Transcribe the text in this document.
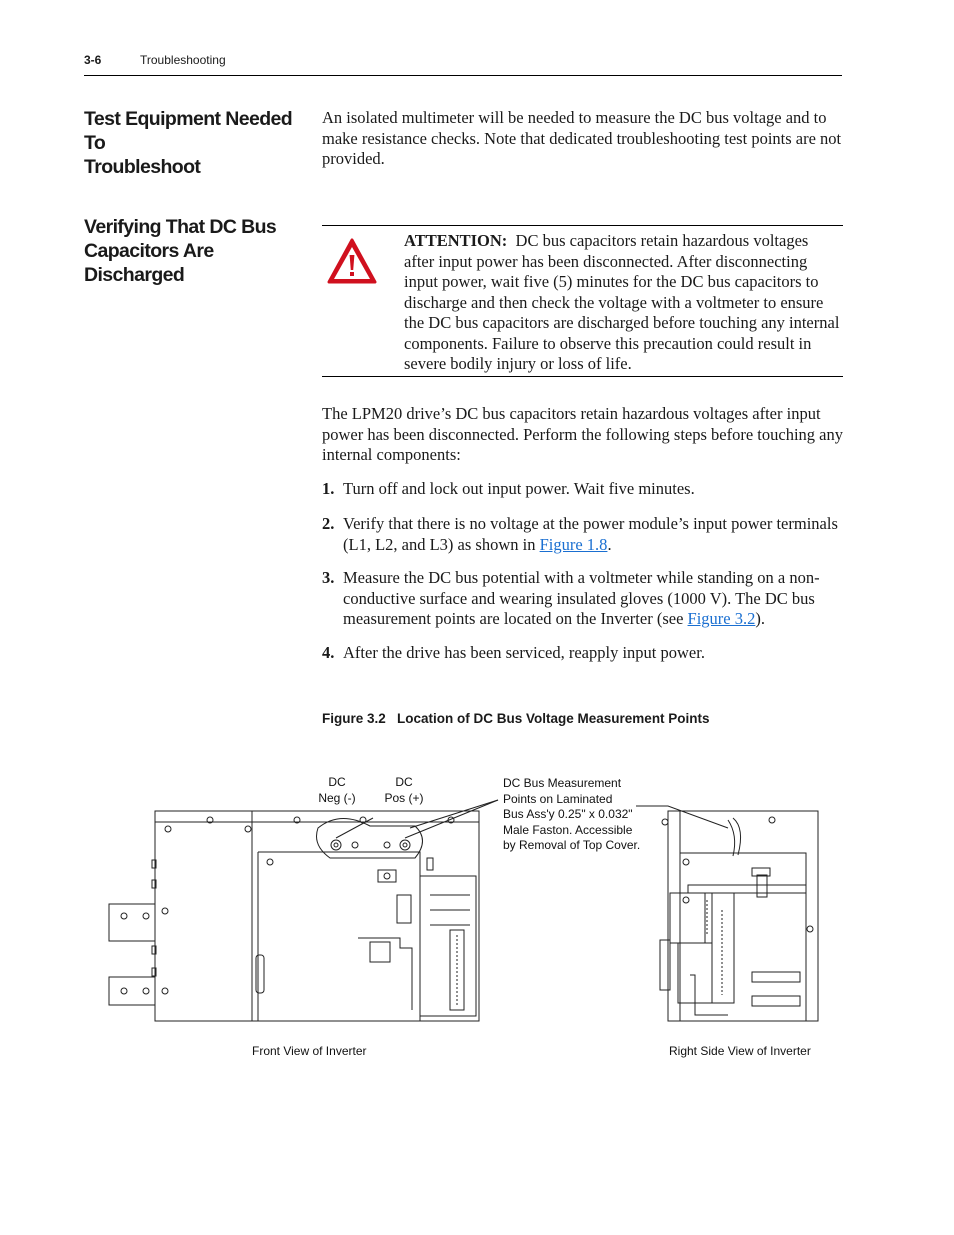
3-6	Troubleshooting
Test Equipment Needed To
Troubleshoot
An isolated multimeter will be needed to measure the DC bus voltage and to make resistance checks. Note that dedicated troubleshooting test points are not provided.
Verifying That DC Bus
Capacitors Are Discharged
ATTENTION: DC bus capacitors retain hazardous voltages after input power has been disconnected. After disconnecting input power, wait five (5) minutes for the DC bus capacitors to discharge and then check the voltage with a voltmeter to ensure the DC bus capacitors are discharged before touching any internal components. Failure to observe this precaution could result in severe bodily injury or loss of life.
The LPM20 drive’s DC bus capacitors retain hazardous voltages after input power has been disconnected. Perform the following steps before touching any internal components:
1. Turn off and lock out input power. Wait five minutes.
2. Verify that there is no voltage at the power module’s input power terminals (L1, L2, and L3) as shown in Figure 1.8.
3. Measure the DC bus potential with a voltmeter while standing on a non-conductive surface and wearing insulated gloves (1000 V). The DC bus measurement points are located on the Inverter (see Figure 3.2).
4. After the drive has been serviced, reapply input power.
Figure 3.2   Location of DC Bus Voltage Measurement Points
DC
Neg (-)
DC
Pos (+)
DC Bus Measurement
Points on Laminated
Bus Ass'y 0.25" x 0.032"
Male Faston. Accessible
by Removal of Top Cover.
Front View of Inverter	Right Side View of Inverter
